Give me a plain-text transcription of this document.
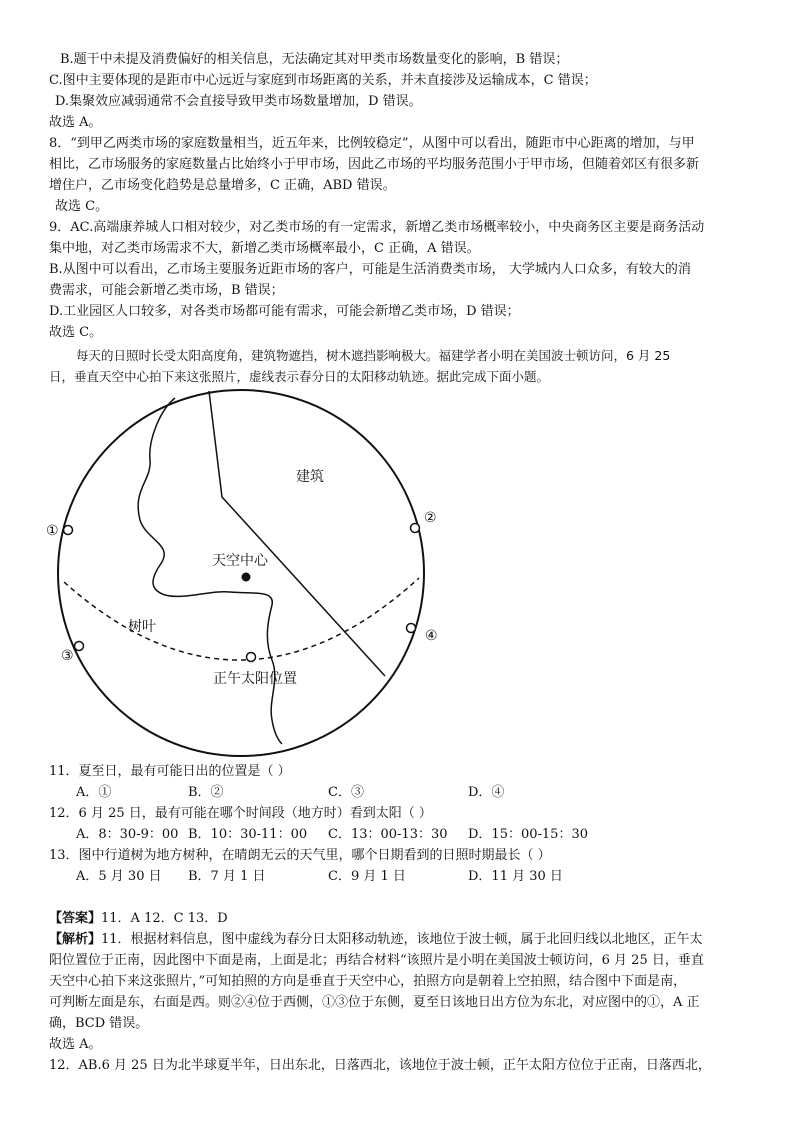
B.题干中未提及消费偏好的相关信息，无法确定其对甲类市场数量变化的影响，B 错误；
C.图中主要体现的是距市中心远近与家庭到市场距离的关系，并未直接涉及运输成本，C 错误；
D.集聚效应减弱通常不会直接导致甲类市场数量增加，D 错误。
故选 A。
8．“到甲乙两类市场的家庭数量相当，近五年来，比例较稳定”，从图中可以看出，随距市中心距离的增加，与甲
相比，乙市场服务的家庭数量占比始终小于甲市场，因此乙市场的平均服务范围小于甲市场，但随着郊区有很多新
增住户，乙市场变化趋势是总量增多，C 正确，ABD 错误。
故选 C。
9．AC.高端康养城人口相对较少，对乙类市场的有一定需求，新增乙类市场概率较小，中央商务区主要是商务活动
集中地，对乙类市场需求不大，新增乙类市场概率最小，C 正确，A 错误。
B.从图中可以看出，乙市场主要服务近距市场的客户，可能是生活消费类市场， 大学城内人口众多，有较大的消
费需求，可能会新增乙类市场，B 错误；
D.工业园区人口较多，对各类市场都可能有需求，可能会新增乙类市场，D 错误；
故选 C。
每天的日照时长受太阳高度角，建筑物遮挡，树木遮挡影响极大。福建学者小明在美国波士顿访问，6 月 25
日，垂直天空中心拍下来这张照片，虚线表示春分日的太阳移动轨迹。据此完成下面小题。
①
②
③
④
建筑
天空中心
树叶
正午太阳位置
11．夏至日，最有可能日出的位置是（ ）
A．①	B．②	C．③	D．④
12．6 月 25 日，最有可能在哪个时间段（地方时）看到太阳（ ）
A．8：30-9：00 B．10：30-11：00 C．13：00-13：30 D．15：00-15：30
13．图中行道树为地方树种，在晴朗无云的天气里，哪个日期看到的日照时期最长（ ）
A．5 月 30 日 B．7 月 1 日	C．9 月 1 日	D．11 月 30 日
【答案】11．A 12．C 13．D
【解析】11．根据材料信息，图中虚线为春分日太阳移动轨迹，该地位于波士顿，属于北回归线以北地区，正午太
阳位置位于正南，因此图中下面是南，上面是北；再结合材料“该照片是小明在美国波士顿访问，6 月 25 日，垂直
天空中心拍下来这张照片，”可知拍照的方向是垂直于天空中心，拍照方向是朝着上空拍照，结合图中下面是南，
可判断左面是东，右面是西。则②④位于西侧，①③位于东侧，夏至日该地日出方位为东北，对应图中的①，A 正
确，BCD 错误。
故选 A。
12．AB.6 月 25 日为北半球夏半年，日出东北，日落西北，该地位于波士顿，正午太阳方位位于正南，日落西北，
